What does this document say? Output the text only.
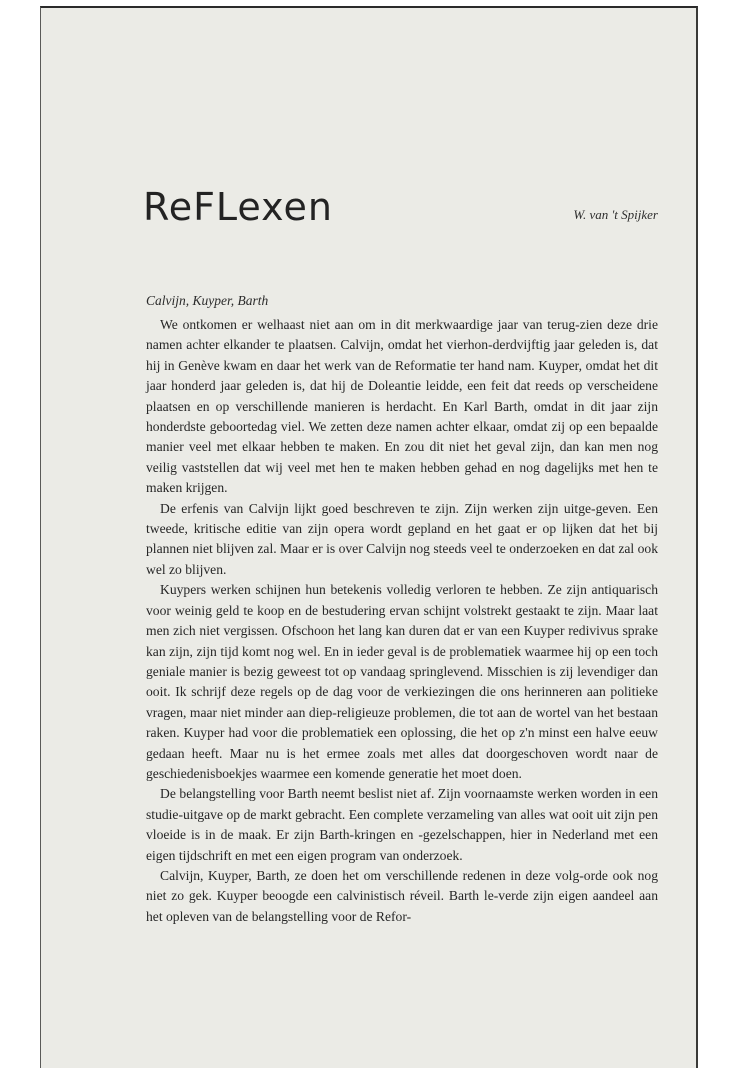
ReFLexen	W. van 't Spijker
Calvijn, Kuyper, Barth

We ontkomen er welhaast niet aan om in dit merkwaardige jaar van terug-zien deze drie namen achter elkander te plaatsen. Calvijn, omdat het vierhon-derdvijftig jaar geleden is, dat hij in Genève kwam en daar het werk van de Reformatie ter hand nam. Kuyper, omdat het dit jaar honderd jaar geleden is, dat hij de Doleantie leidde, een feit dat reeds op verscheidene plaatsen en op verschillende manieren is herdacht. En Karl Barth, omdat in dit jaar zijn honderdste geboortedag viel. We zetten deze namen achter elkaar, omdat zij op een bepaalde manier veel met elkaar hebben te maken. En zou dit niet het geval zijn, dan kan men nog veilig vaststellen dat wij veel met hen te maken hebben gehad en nog dagelijks met hen te maken krijgen.

De erfenis van Calvijn lijkt goed beschreven te zijn. Zijn werken zijn uitge-geven. Een tweede, kritische editie van zijn opera wordt gepland en het gaat er op lijken dat het bij plannen niet blijven zal. Maar er is over Calvijn nog steeds veel te onderzoeken en dat zal ook wel zo blijven.

Kuypers werken schijnen hun betekenis volledig verloren te hebben. Ze zijn antiquarisch voor weinig geld te koop en de bestudering ervan schijnt volstrekt gestaakt te zijn. Maar laat men zich niet vergissen. Ofschoon het lang kan duren dat er van een Kuyper redivivus sprake kan zijn, zijn tijd komt nog wel. En in ieder geval is de problematiek waarmee hij op een toch geniale manier is bezig geweest tot op vandaag springlevend. Misschien is zij levendiger dan ooit. Ik schrijf deze regels op de dag voor de verkiezingen die ons herinneren aan politieke vragen, maar niet minder aan diep-religieuze problemen, die tot aan de wortel van het bestaan raken. Kuyper had voor die problematiek een oplossing, die het op z'n minst een halve eeuw gedaan heeft. Maar nu is het ermee zoals met alles dat doorgeschoven wordt naar de geschiedenisboekjes waarmee een komende generatie het moet doen.

De belangstelling voor Barth neemt beslist niet af. Zijn voornaamste werken worden in een studie-uitgave op de markt gebracht. Een complete verzameling van alles wat ooit uit zijn pen vloeide is in de maak. Er zijn Barth-kringen en -gezelschappen, hier in Nederland met een eigen tijdschrift en met een eigen program van onderzoek.

Calvijn, Kuyper, Barth, ze doen het om verschillende redenen in deze volg-orde ook nog niet zo gek. Kuyper beoogde een calvinistisch réveil. Barth le-verde zijn eigen aandeel aan het opleven van de belangstelling voor de Refor-
